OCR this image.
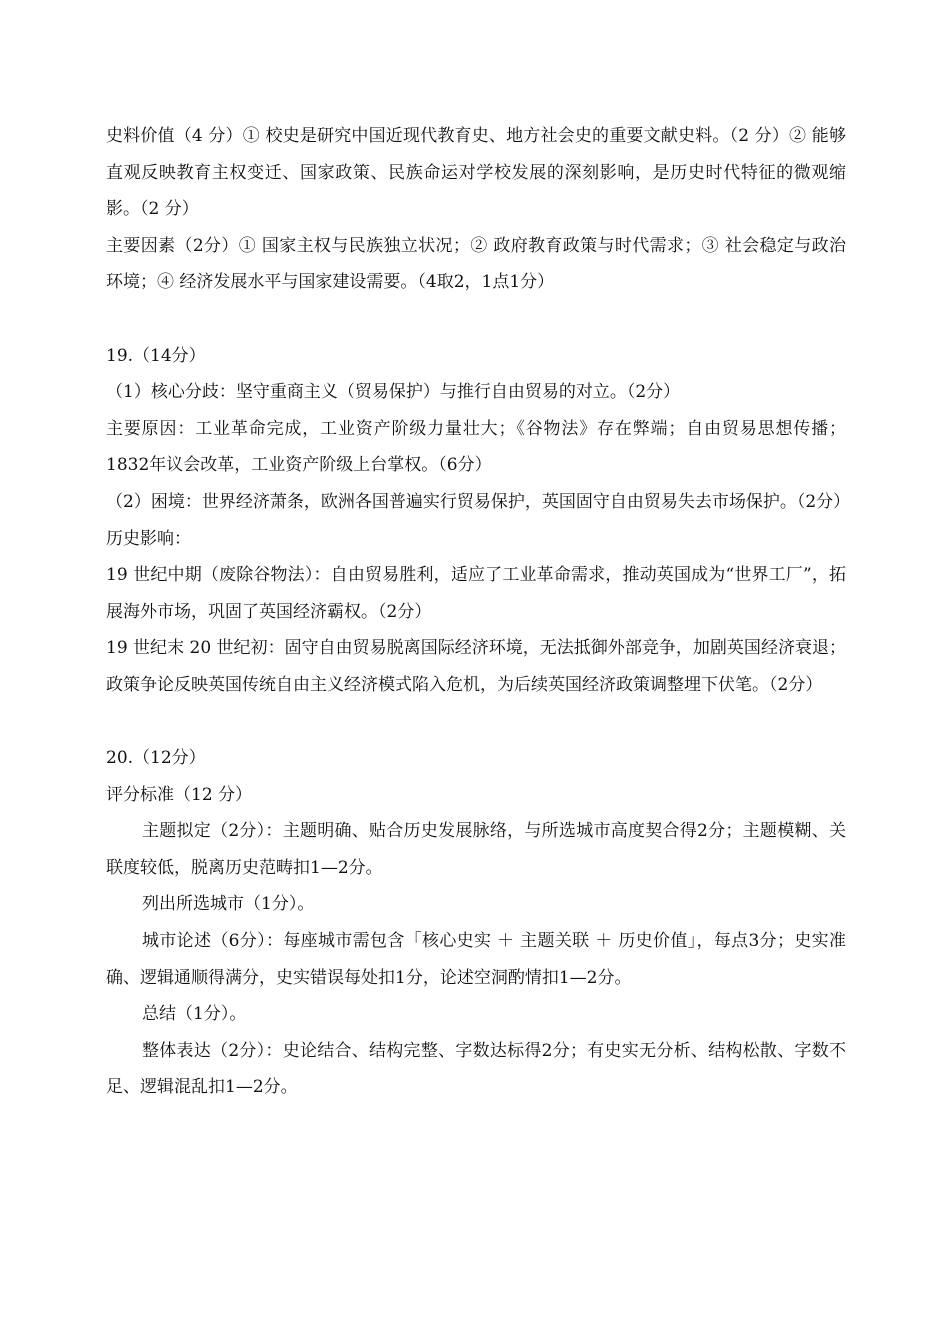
史料价值（4 分）① 校史是研究中国近现代教育史、地方社会史的重要文献史料。（2 分）② 能够直观反映教育主权变迁、国家政策、民族命运对学校发展的深刻影响，是历史时代特征的微观缩影。（2 分）

主要因素（2分）① 国家主权与民族独立状况；② 政府教育政策与时代需求；③ 社会稳定与政治环境；④ 经济发展水平与国家建设需要。（4取2，1点1分）

19.（14分）

（1）核心分歧：坚守重商主义（贸易保护）与推行自由贸易的对立。（2分）

主要原因：工业革命完成，工业资产阶级力量壮大；《谷物法》存在弊端；自由贸易思想传播；1832年议会改革，工业资产阶级上台掌权。（6分）

（2）困境：世界经济萧条，欧洲各国普遍实行贸易保护，英国固守自由贸易失去市场保护。（2分）

历史影响：

19 世纪中期（废除谷物法）：自由贸易胜利，适应了工业革命需求，推动英国成为“世界工厂”，拓展海外市场，巩固了英国经济霸权。（2分）

19 世纪末 20 世纪初：固守自由贸易脱离国际经济环境，无法抵御外部竞争，加剧英国经济衰退；政策争论反映英国传统自由主义经济模式陷入危机，为后续英国经济政策调整埋下伏笔。（2分）

20.（12分）

评分标准（12 分）

主题拟定（2分）：主题明确、贴合历史发展脉络，与所选城市高度契合得2分；主题模糊、关联度较低，脱离历史范畴扣1—2分。

列出所选城市（1分）。

城市论述（6分）：每座城市需包含「核心史实 ＋ 主题关联 ＋ 历史价值」，每点3分；史实准确、逻辑通顺得满分，史实错误每处扣1分，论述空洞酌情扣1—2分。

总结（1分）。

整体表达（2分）：史论结合、结构完整、字数达标得2分；有史实无分析、结构松散、字数不足、逻辑混乱扣1—2分。
